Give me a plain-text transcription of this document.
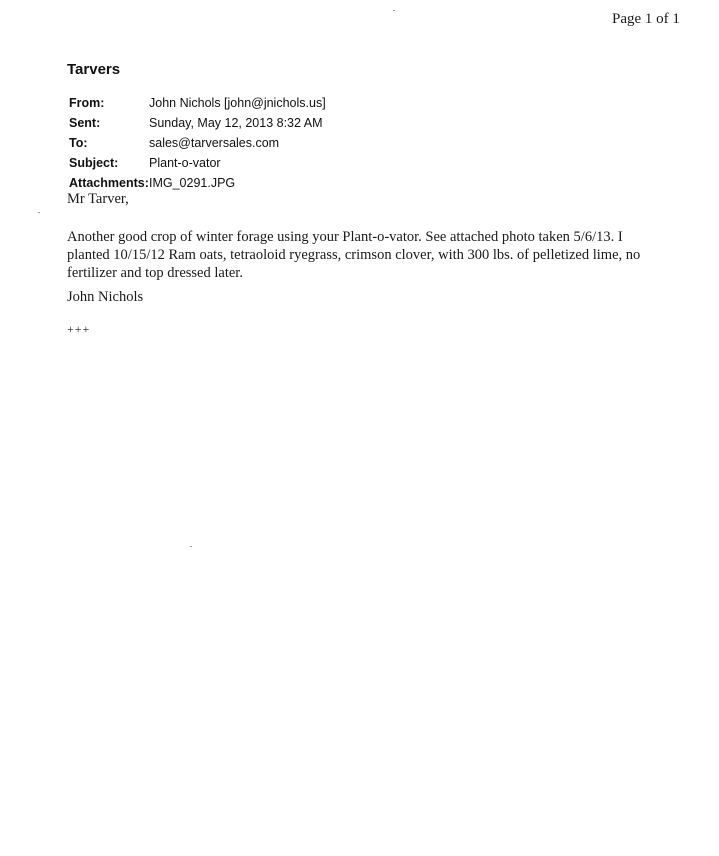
Page 1 of 1
Tarvers
From:	John Nichols [john@jnichols.us]
Sent:	Sunday, May 12, 2013 8:32 AM
To:	sales@tarversales.com
Subject:	Plant-o-vator
Attachments: IMG_0291.JPG
Mr Tarver,
Another good crop of winter forage using your Plant-o-vator. See attached photo taken 5/6/13. I planted 10/15/12 Ram oats, tetraoloid ryegrass, crimson clover, with 300 lbs. of pelletized lime, no fertilizer and top dressed later.
John Nichols
+++
